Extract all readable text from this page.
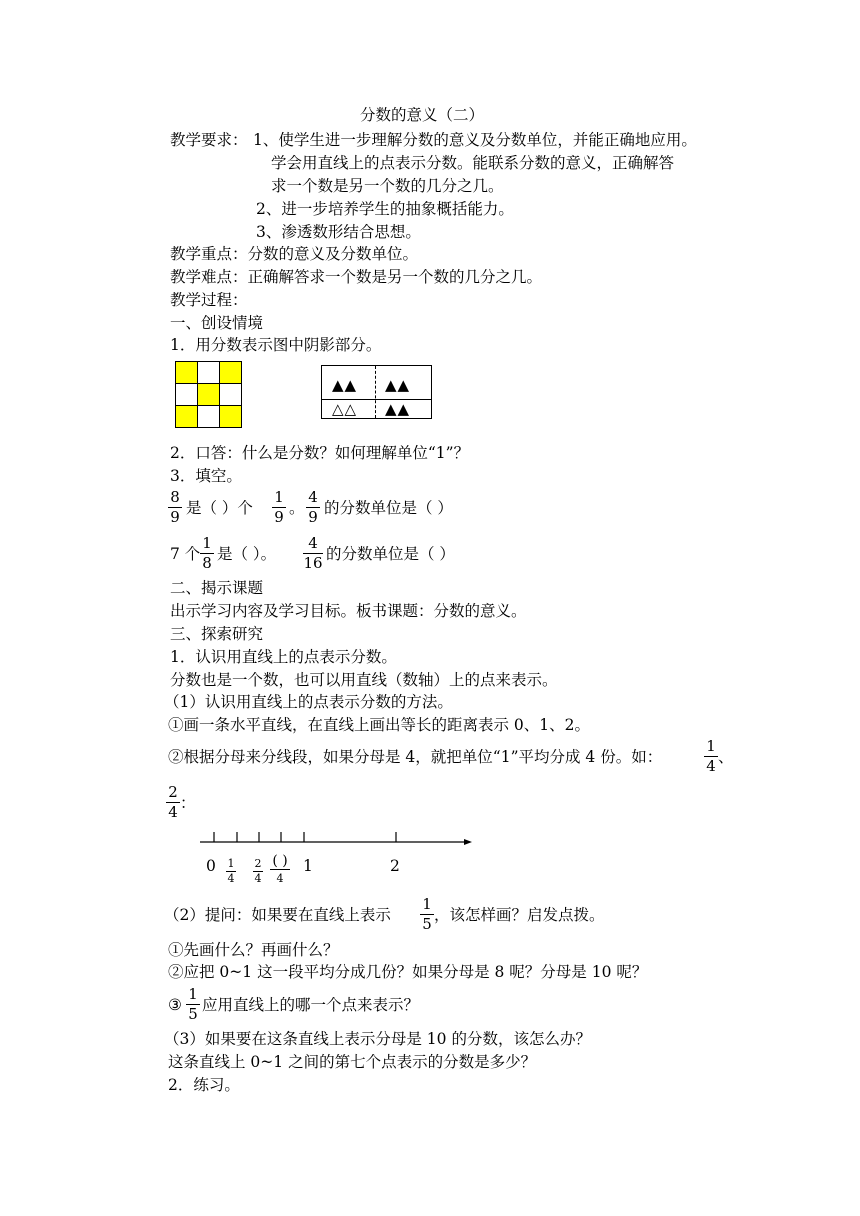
分数的意义（二）
教学要求： 1、使学生进一步理解分数的意义及分数单位，并能正确地应用。
学会用直线上的点表示分数。能联系分数的意义，正确解答
求一个数是另一个数的几分之几。
2、进一步培养学生的抽象概括能力。
3、渗透数形结合思想。
教学重点：分数的意义及分数单位。
教学难点：正确解答求一个数是另一个数的几分之几。
教学过程：
一、创设情境
1．用分数表示图中阴影部分。

▲▲ ▲▲
△△ ▲▲
2．口答：什么是分数？如何理解单位“1”？
3．填空。
8
9 是（ ）个
1
9 。
4
9 的分数单位是（ ）
7 个
1
8 是（ ）。
4
16 的分数单位是（ ）
二、揭示课题
出示学习内容及学习目标。板书课题：分数的意义。
三、探索研究
1．认识用直线上的点表示分数。
分数也是一个数，也可以用直线（数轴）上的点来表示。
（1）认识用直线上的点表示分数的方法。
①画一条水平直线，在直线上画出等长的距离表示 0、1、2。
②根据分母来分线段，如果分母是 4，就把单位“1”平均分成 4 份。如：
1
4 、
2
4 ：
0 1
4
2
4
( )
4
1	2
（2）提问：如果要在直线上表示
1
5 ，该怎样画？启发点拨。
①先画什么？再画什么？
②应把 0~1 这一段平均分成几份？如果分母是 8 呢？分母是 10 呢？
③
1
5 应用直线上的哪一个点来表示？
（3）如果要在这条直线上表示分母是 10 的分数，该怎么办？
这条直线上 0~1 之间的第七个点表示的分数是多少？
2．练习。
